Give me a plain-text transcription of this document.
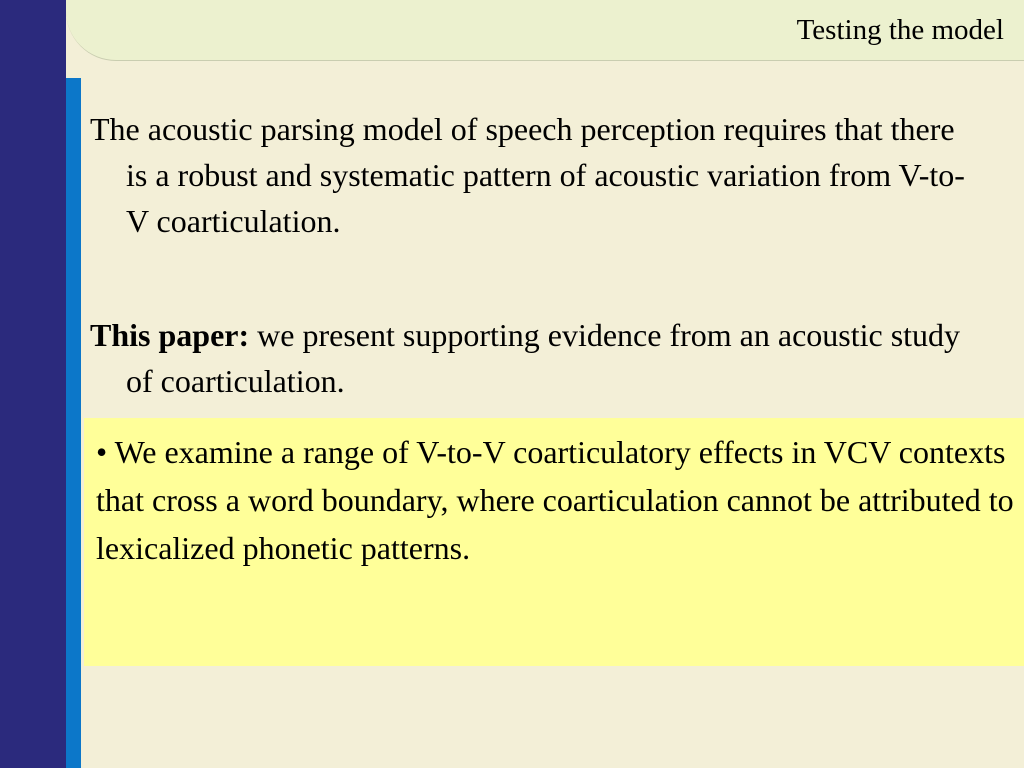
Testing the model

The acoustic parsing model of speech perception requires that there is a robust and systematic pattern of acoustic variation from V-to-V coarticulation.

This paper: we present supporting evidence from an acoustic study of coarticulation.

• We examine a range of V-to-V coarticulatory effects in VCV contexts that cross a word boundary, where coarticulation cannot be attributed to lexicalized phonetic patterns.
